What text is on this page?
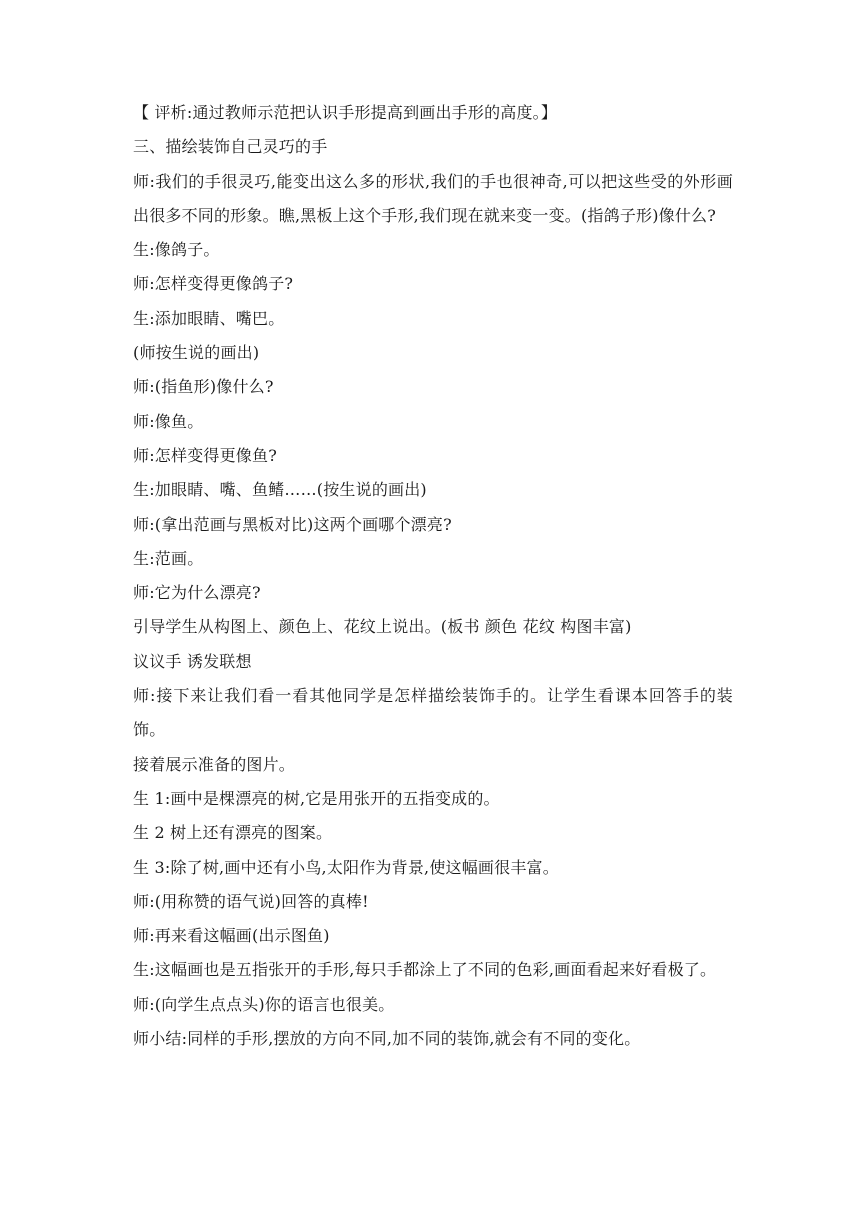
【 评析:通过教师示范把认识手形提高到画出手形的高度。】
三、描绘装饰自己灵巧的手
师:我们的手很灵巧,能变出这么多的形状,我们的手也很神奇,可以把这些受的外形画出很多不同的形象。瞧,黑板上这个手形,我们现在就来变一变。(指鸽子形)像什么?
生:像鸽子。
师:怎样变得更像鸽子?
生:添加眼睛、嘴巴。
(师按生说的画出)
师:(指鱼形)像什么?
师:像鱼。
师:怎样变得更像鱼?
生:加眼睛、嘴、鱼鳍……(按生说的画出)
师:(拿出范画与黑板对比)这两个画哪个漂亮?
生:范画。
师:它为什么漂亮?
引导学生从构图上、颜色上、花纹上说出。(板书 颜色 花纹 构图丰富)
议议手 诱发联想
师:接下来让我们看一看其他同学是怎样描绘装饰手的。让学生看课本回答手的装饰。
接着展示准备的图片。
生 1:画中是棵漂亮的树,它是用张开的五指变成的。
生 2 树上还有漂亮的图案。
生 3:除了树,画中还有小鸟,太阳作为背景,使这幅画很丰富。
师:(用称赞的语气说)回答的真棒!
师:再来看这幅画(出示图鱼)
生:这幅画也是五指张开的手形,每只手都涂上了不同的色彩,画面看起来好看极了。
师:(向学生点点头)你的语言也很美。
师小结:同样的手形,摆放的方向不同,加不同的装饰,就会有不同的变化。
